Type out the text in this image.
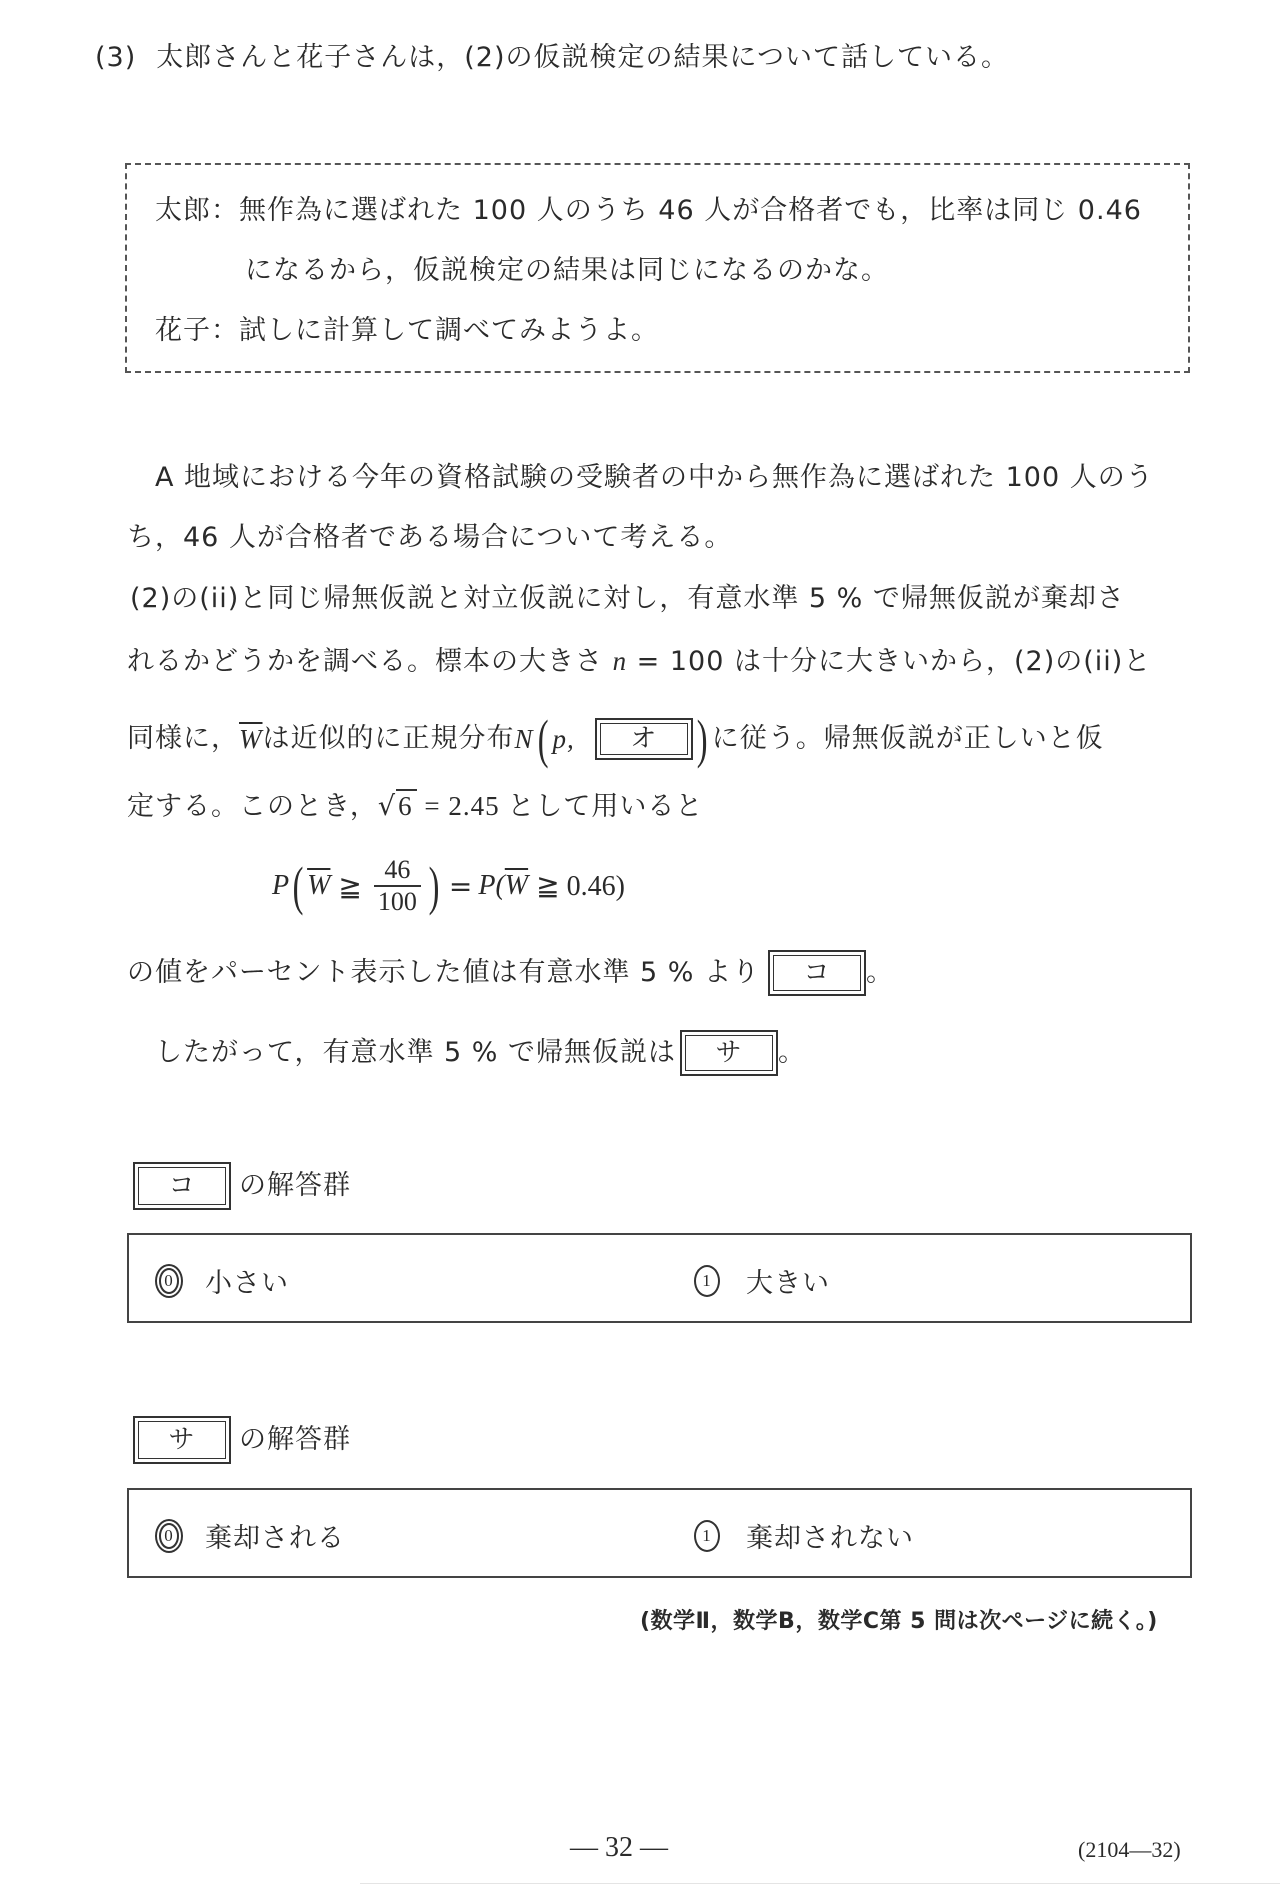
(3) 太郎さんと花子さんは，(2)の仮説検定の結果について話している。
太郎：無作為に選ばれた 100 人のうち 46 人が合格者でも，比率は同じ 0.46
になるから，仮説検定の結果は同じになるのかな。
花子：試しに計算して調べてみようよ。
A 地域における今年の資格試験の受験者の中から無作為に選ばれた 100 人のう
ち，46 人が合格者である場合について考える。
(2)の(ii)と同じ帰無仮説と対立仮説に対し，有意水準 5 % で帰無仮説が棄却さ
れるかどうかを調べる。標本の大きさ n = 100 は十分に大きいから，(2)の(ii)と
同様に， $\overline{W}$ は近似的に正規分布 N ( p,	オ ) に従う。帰無仮説が正しいと仮
定する。このとき，√6 = 2.45 として用いると
P ( $\overline{W}$ ≧ $\frac{46}{100}$ ) = P( $\overline{W}$ ≧ 0.46)
の値をパーセント表示した値は有意水準 5 % より	コ	。
したがって，有意水準 5 % で帰無仮説は	サ	。
コ	の解答群
0 小さい	1	大きい
サ	の解答群
0 棄却される	1	棄却されない
(数学Ⅱ，数学B，数学C第 5 問は次ページに続く。)
— 32 —	(2104—32)
